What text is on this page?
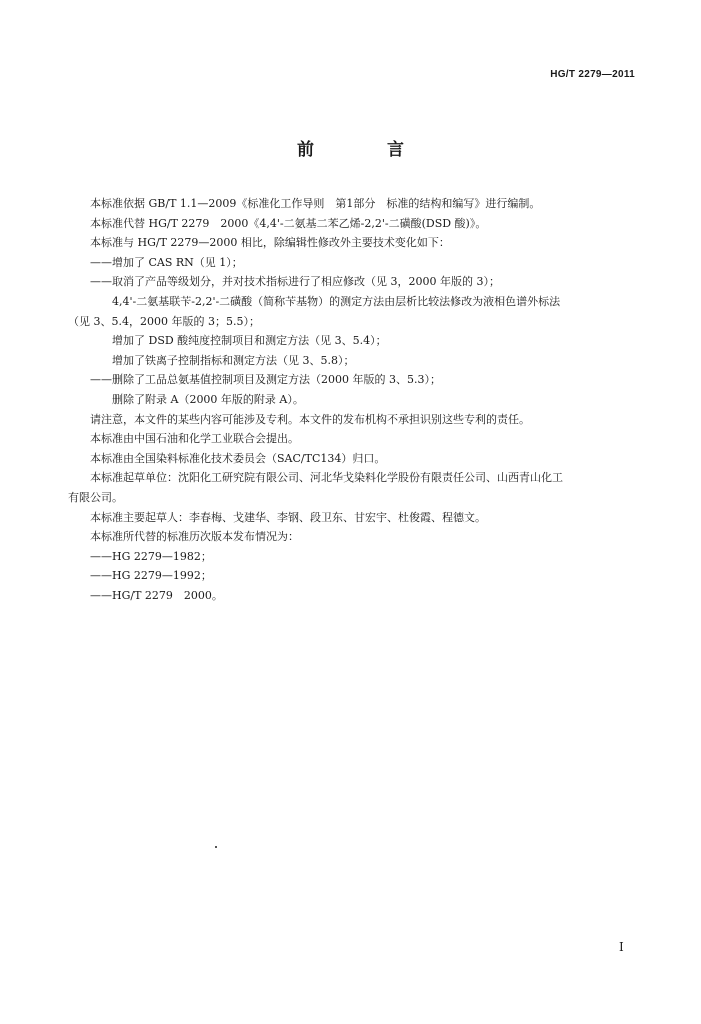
HG/T 2279—2011
前　言
本标准依据 GB/T 1.1—2009《标准化工作导则　第1部分　标准的结构和编写》进行编制。
本标准代替 HG/T 2279　2000《4,4'-二氨基二苯乙烯-2,2'-二磺酸(DSD 酸)》。
本标准与 HG/T 2279—2000 相比，除编辑性修改外主要技术变化如下：
——增加了 CAS RN（见 1）；
——取消了产品等级划分，并对技术指标进行了相应修改（见 3，2000 年版的 3）；
4,4'-二氨基联苄-2,2'-二磺酸（简称苄基物）的测定方法由层析比较法修改为液相色谱外标法
（见 3、5.4，2000 年版的 3；5.5）；
增加了 DSD 酸纯度控制项目和测定方法（见 3、5.4）；
增加了铁离子控制指标和测定方法（见 3、5.8）；
——删除了工品总氨基值控制项目及测定方法（2000 年版的 3、5.3）；
删除了附录 A（2000 年版的附录 A）。
请注意，本文件的某些内容可能涉及专利。本文件的发布机构不承担识别这些专利的责任。
本标准由中国石油和化学工业联合会提出。
本标准由全国染料标准化技术委员会（SAC/TC134）归口。
本标准起草单位：沈阳化工研究院有限公司、河北华戈染料化学股份有限责任公司、山西青山化工
有限公司。
本标准主要起草人：李春梅、戈建华、李钢、段卫东、甘宏宇、杜俊霞、程德文。
本标准所代替的标准历次版本发布情况为：
——HG 2279—1982；
——HG 2279—1992；
——HG/T 2279　2000。
I
